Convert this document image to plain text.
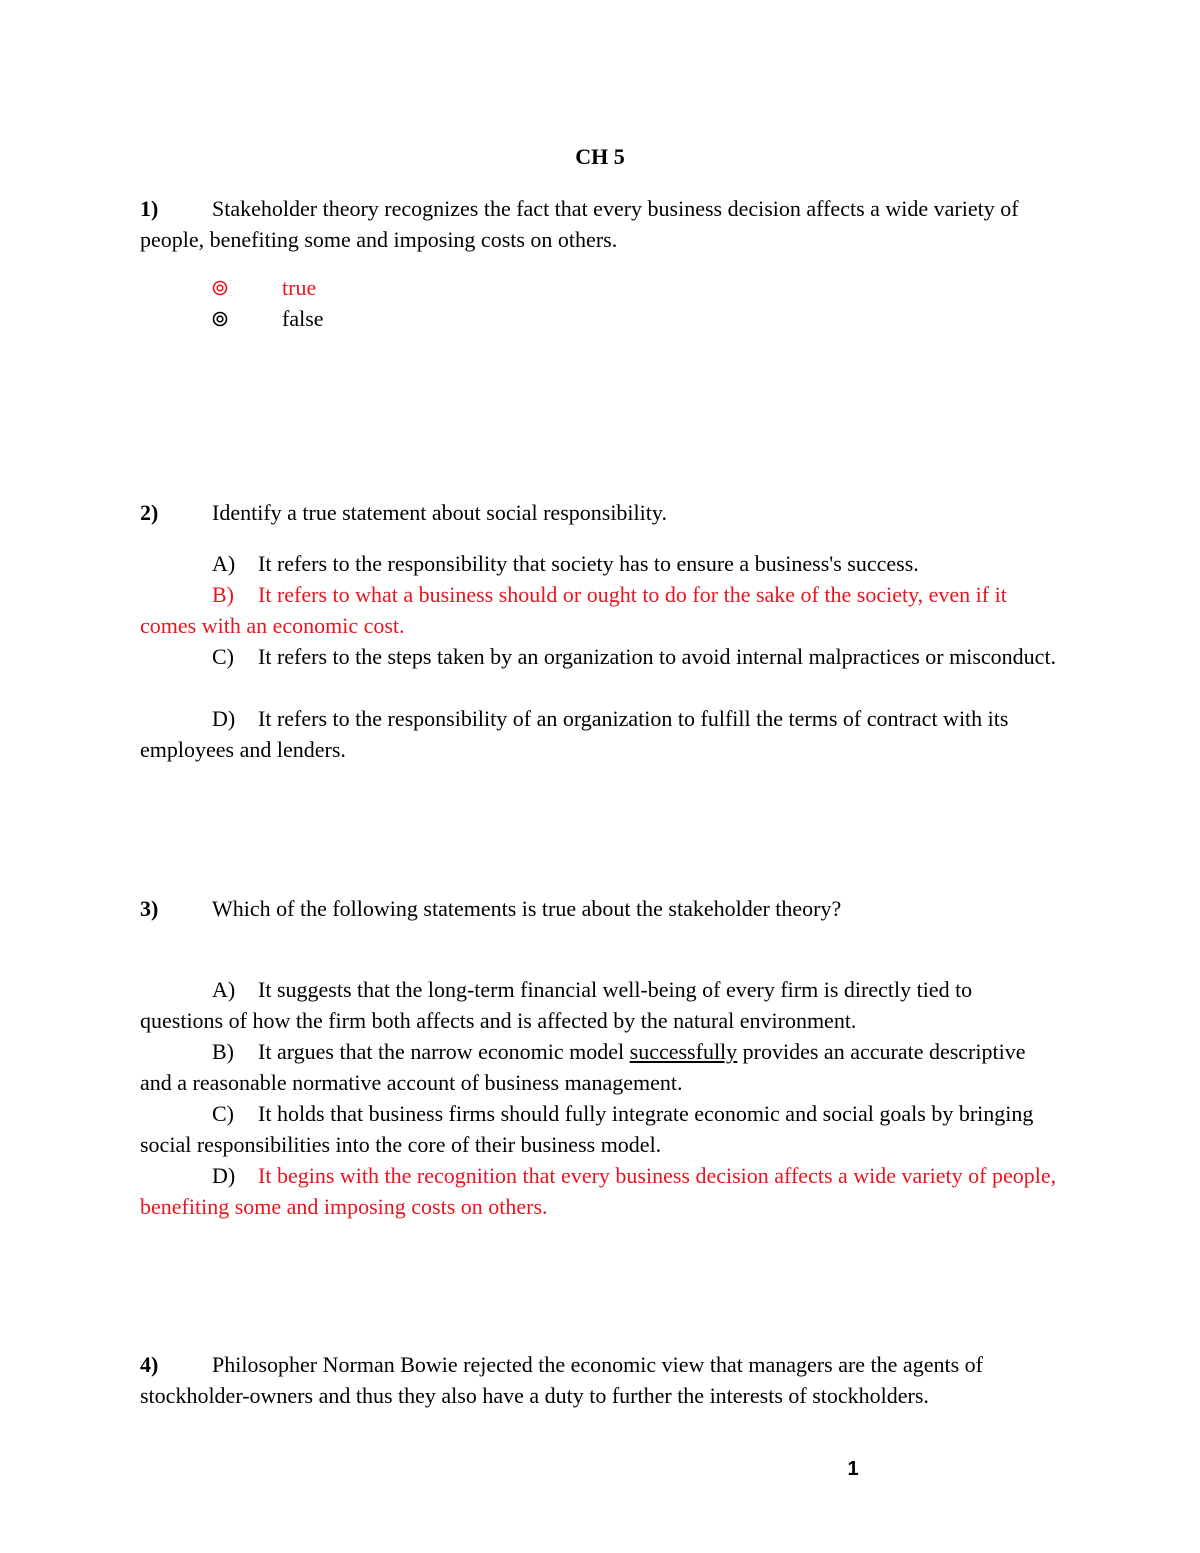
CH 5
1) Stakeholder theory recognizes the fact that every business decision affects a wide variety of people, benefiting some and imposing costs on others.
true
false
2) Identify a true statement about social responsibility.
A) It refers to the responsibility that society has to ensure a business's success.
B) It refers to what a business should or ought to do for the sake of the society, even if it comes with an economic cost.
C) It refers to the steps taken by an organization to avoid internal malpractices or misconduct.
D) It refers to the responsibility of an organization to fulfill the terms of contract with its employees and lenders.
3) Which of the following statements is true about the stakeholder theory?
A) It suggests that the long-term financial well-being of every firm is directly tied to questions of how the firm both affects and is affected by the natural environment.
B) It argues that the narrow economic model successfully provides an accurate descriptive and a reasonable normative account of business management.
C) It holds that business firms should fully integrate economic and social goals by bringing social responsibilities into the core of their business model.
D) It begins with the recognition that every business decision affects a wide variety of people, benefiting some and imposing costs on others.
4) Philosopher Norman Bowie rejected the economic view that managers are the agents of stockholder-owners and thus they also have a duty to further the interests of stockholders.
1
